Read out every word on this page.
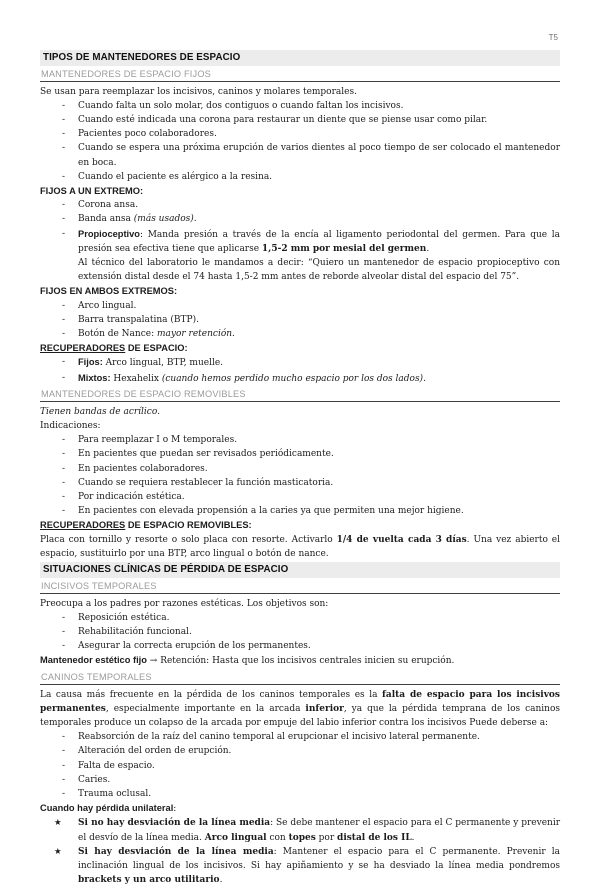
T5
TIPOS DE MANTENEDORES DE ESPACIO
MANTENEDORES DE ESPACIO FIJOS
Se usan para reemplazar los incisivos, caninos y molares temporales.
-	Cuando falta un solo molar, dos contiguos o cuando faltan los incisivos.
-	Cuando esté indicada una corona para restaurar un diente que se piense usar como pilar.
-	Pacientes poco colaboradores.
-	Cuando se espera una próxima erupción de varios dientes al poco tiempo de ser colocado el mantenedor en boca.
-	Cuando el paciente es alérgico a la resina.
FIJOS A UN EXTREMO:
-	Corona ansa.
-	Banda ansa (más usados).
-	Propioceptivo: Manda presión a través de la encía al ligamento periodontal del germen. Para que la presión sea efectiva tiene que aplicarse 1,5-2 mm por mesial del germen.
Al técnico del laboratorio le mandamos a decir: “Quiero un mantenedor de espacio propioceptivo con extensión distal desde el 74 hasta 1,5-2 mm antes de reborde alveolar distal del espacio del 75”.
FIJOS EN AMBOS EXTREMOS:
-	Arco lingual.
-	Barra transpalatina (BTP).
-	Botón de Nance: mayor retención.
RECUPERADORES DE ESPACIO:
-	Fijos: Arco lingual, BTP, muelle.
-	Mixtos: Hexahelix (cuando hemos perdido mucho espacio por los dos lados).
MANTENEDORES DE ESPACIO REMOVIBLES
Tienen bandas de acrílico.
Indicaciones:
-	Para reemplazar I o M temporales.
-	En pacientes que puedan ser revisados periódicamente.
-	En pacientes colaboradores.
-	Cuando se requiera restablecer la función masticatoria.
-	Por indicación estética.
-	En pacientes con elevada propensión a la caries ya que permiten una mejor higiene.
RECUPERADORES DE ESPACIO REMOVIBLES:
Placa con tornillo y resorte o solo placa con resorte. Activarlo 1/4 de vuelta cada 3 días. Una vez abierto el espacio, sustituirlo por una BTP, arco lingual o botón de nance.
SITUACIONES CLÍNICAS DE PÉRDIDA DE ESPACIO
INCISIVOS TEMPORALES
Preocupa a los padres por razones estéticas. Los objetivos son:
-	Reposición estética.
-	Rehabilitación funcional.
-	Asegurar la correcta erupción de los permanentes.
Mantenedor estético fijo → Retención: Hasta que los incisivos centrales inicien su erupción.
CANINOS TEMPORALES
La causa más frecuente en la pérdida de los caninos temporales es la falta de espacio para los incisivos permanentes, especialmente importante en la arcada inferior, ya que la pérdida temprana de los caninos temporales produce un colapso de la arcada por empuje del labio inferior contra los incisivos Puede deberse a:
-	Reabsorción de la raíz del canino temporal al erupcionar el incisivo lateral permanente.
-	Alteración del orden de erupción.
-	Falta de espacio.
-	Caries.
-	Trauma oclusal.
Cuando hay pérdida unilateral:
★	Si no hay desviación de la línea media: Se debe mantener el espacio para el C permanente y prevenir el desvío de la línea media. Arco lingual con topes por distal de los IL.
★	Si hay desviación de la línea media: Mantener el espacio para el C permanente. Prevenir la inclinación lingual de los incisivos. Si hay apiñamiento y se ha desviado la línea media pondremos brackets y un arco utilitario.
